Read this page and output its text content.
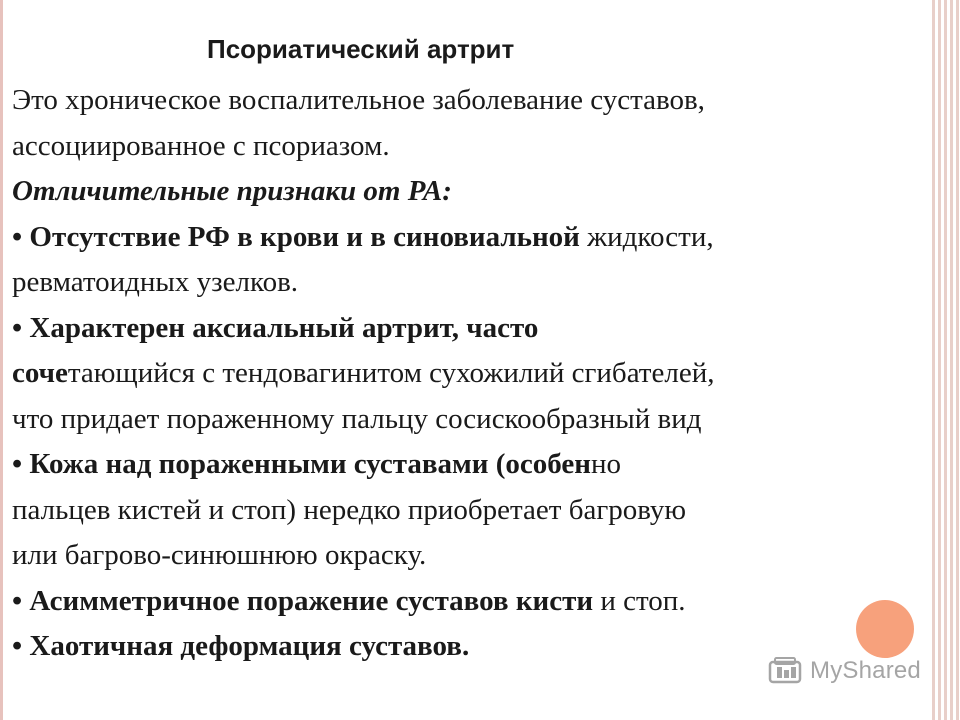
Псориатический артрит

Это хроническое воспалительное заболевание суставов,

ассоциированное с псориазом.

Отличительные признаки от РА:

• Отсутствие РФ в крови и в синовиальной жидкости,

ревматоидных узелков.

• Характерен аксиальный артрит, часто

сочетающийся с тендовагинитом сухожилий сгибателей,

что придает пораженному пальцу сосискообразный вид

• Кожа над пораженными суставами (особенно

пальцев кистей и стоп) нередко приобретает багровую

или багрово-синюшнюю окраску.

• Асимметричное поражение суставов кисти и стоп.

• Хаотичная деформация суставов.

MyShared
